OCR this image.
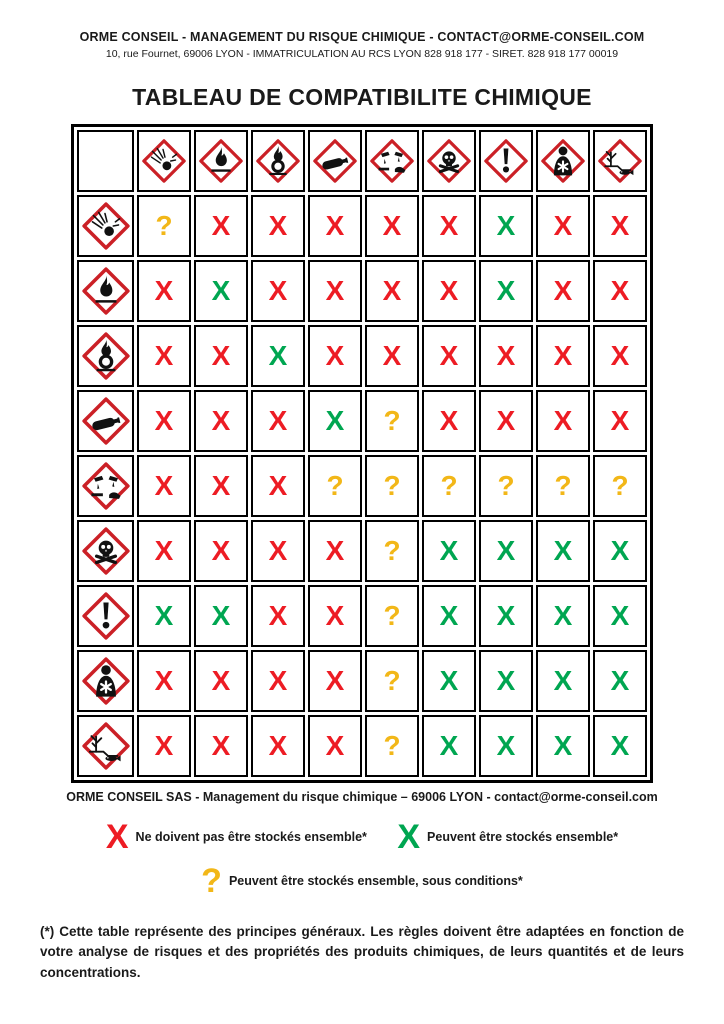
ORME CONSEIL - MANAGEMENT DU RISQUE CHIMIQUE - CONTACT@ORME-CONSEIL.COM
10, rue Fournet, 69006 LYON - IMMATRICULATION AU RCS LYON 828 918 177 - SIRET. 828 918 177 00019
TABLEAU DE COMPATIBILITE CHIMIQUE

	?	X	X	X	X	X	X	X	X

	X	X	X	X	X	X	X	X	X

	X	X	X	X	X	X	X	X	X

	X	X	X	X	?	X	X	X	X

	X	X	X	?	?	?	?	?	?

	X	X	X	X	?	X	X	X	X

	X	X	X	X	?	X	X	X	X

	X	X	X	X	?	X	X	X	X

	X	X	X	X	?	X	X	X	X
ORME CONSEIL SAS - Management du risque chimique – 69006 LYON - contact@orme-conseil.com
X Ne doivent pas être stockés ensemble* X Peuvent être stockés ensemble*
? Peuvent être stockés ensemble, sous conditions*
(*) Cette table représente des principes généraux. Les règles doivent être adaptées en fonction de votre analyse de risques et des propriétés des produits chimiques, de leurs quantités et de leurs concentrations.
